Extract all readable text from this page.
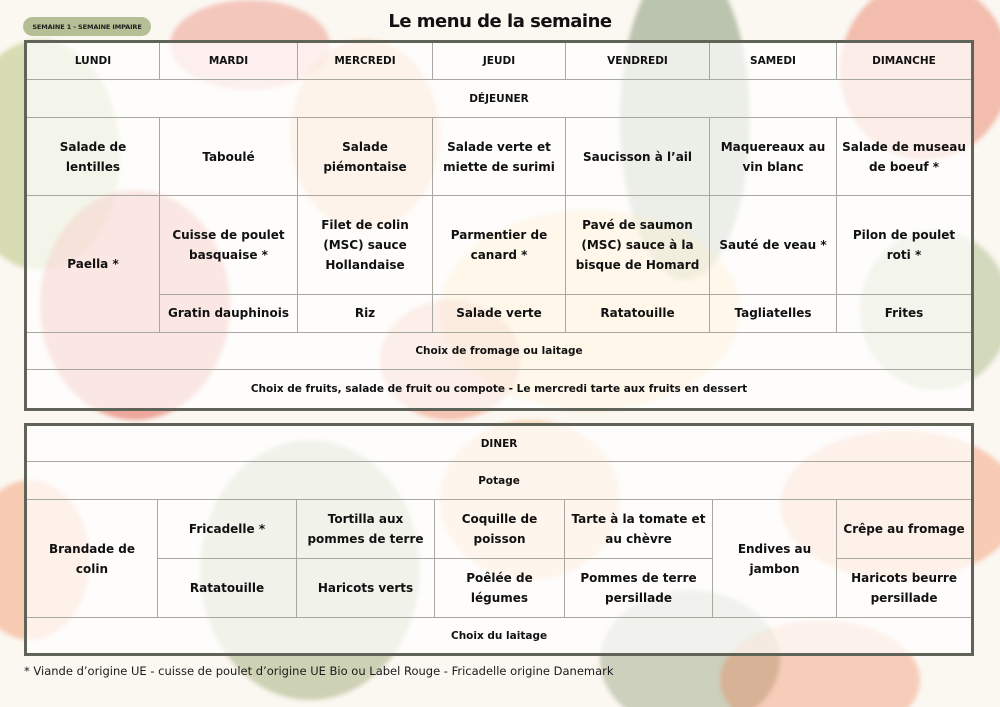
SEMAINE 1 - SEMAINE IMPAIRE	Le menu de la semaine
LUNDI	MARDI	MERCREDI	JEUDI	VENDREDI	SAMEDI	DIMANCHE
DÉJEUNER						
Salade de lentilles	Taboulé	Salade piémontaise	Salade verte et miette de surimi	Saucisson à l’ail	Maquereaux au vin blanc	Salade de museau de boeuf *
Paella *	Cuisse de poulet basquaise *	Filet de colin (MSC) sauce Hollandaise	Parmentier de canard *	Pavé de saumon (MSC) sauce à la bisque de Homard	Sauté de veau *	Pilon de poulet roti *
	Gratin dauphinois	Riz	Salade verte	Ratatouille	Tagliatelles	Frites
Choix de fromage ou laitage						
Choix de fruits, salade de fruit ou compote - Le mercredi tarte aux fruits en dessert						
DINER						
Potage						
Brandade de colin	Fricadelle *	Tortilla aux pommes de terre	Coquille de poisson	Tarte à la tomate et au chèvre	Endives au jambon	Crêpe au fromage
	Ratatouille	Haricots verts	Poêlée de légumes	Pommes de terre persillade		Haricots beurre persillade
Choix du laitage						
* Viande d’origine UE - cuisse de poulet d’origine UE Bio ou Label Rouge - Fricadelle origine Danemark
